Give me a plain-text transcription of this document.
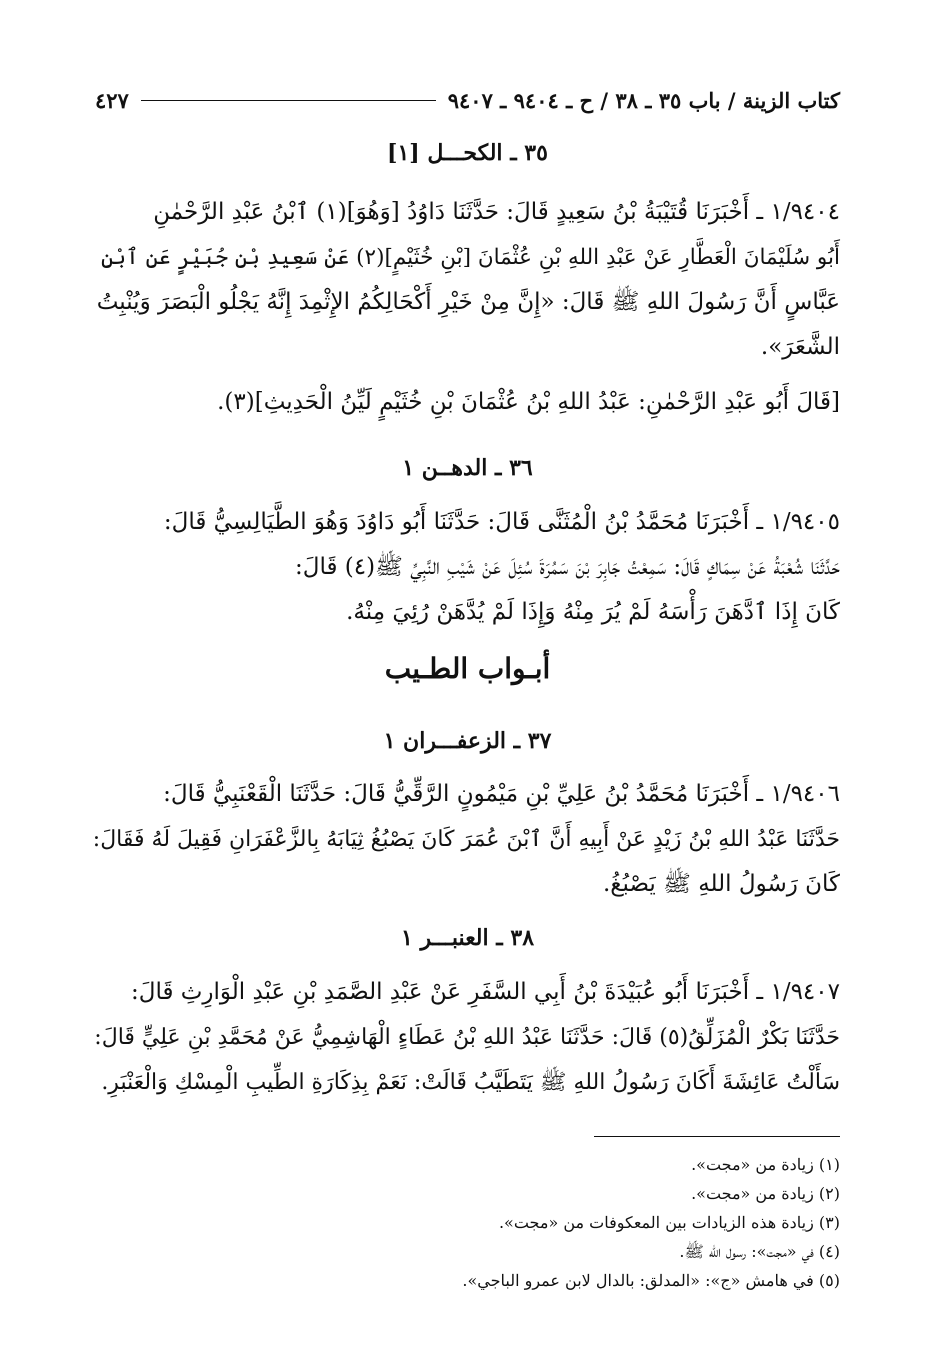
كتاب الزينة / باب ٣٥ ـ ٣٨ / ح ـ ٩٤٠٤ ـ ٩٤٠٧
٤٢٧
٣٥ ـ الكحـــل [١]
١/٩٤٠٤ ـ أَخْبَرَنَا قُتَيْبَةُ بْنُ سَعِيدٍ قَالَ: حَدَّثَنَا دَاوُدُ [وَهُوَ](١) ٱبْنُ عَبْدِ الرَّحْمٰنِ
أَبُو سُلَيْمَانَ الْعَطَّارِ عَنْ عَبْدِ اللهِ بْنِ عُثْمَانَ [بْنِ خُثَيْمٍ](٢) عَنْ سَعِيدِ بْنِ جُبَيْرٍ عَنِ ٱبْنِ
عَبَّاسٍ أَنَّ رَسُولَ اللهِ ﷺ قَالَ: «إِنَّ مِنْ خَيْرِ أَكْحَالِكُمُ الإِثْمِدَ إِنَّهُ يَجْلُو الْبَصَرَ وَيُنْبِتُ
الشَّعَرَ».
[قَالَ أَبُو عَبْدِ الرَّحْمٰنِ: عَبْدُ اللهِ بْنُ عُثْمَانَ بْنِ خُثَيْمٍ لَيِّنُ الْحَدِيثِ](٣).
٣٦ ـ الدهــن ١
١/٩٤٠٥ ـ أَخْبَرَنَا مُحَمَّدُ بْنُ الْمُثَنَّى قَالَ: حَدَّثَنَا أَبُو دَاوُدَ وَهُوَ الطَّيَالِسِيُّ قَالَ:
حَدَّثَنَا شُعْبَةُ عَنْ سِمَاكٍ قَالَ: سَمِعْتُ جَابِرَ بْنَ سَمُرَةَ سُئِلَ عَنْ شَيْبِ النَّبِيِّ ﷺ(٤) قَالَ:
كَانَ إِذَا ٱدَّهَنَ رَأْسَهُ لَمْ يُرَ مِنْهُ وَإِذَا لَمْ يُدَّهَنْ رُئِيَ مِنْهُ.
أبـواب الطـيب
٣٧ ـ الزعفـــران ١
١/٩٤٠٦ ـ أَخْبَرَنَا مُحَمَّدُ بْنُ عَلِيِّ بْنِ مَيْمُونٍ الرَّقِّيُّ قَالَ: حَدَّثَنَا الْقَعْنَبِيُّ قَالَ:
حَدَّثَنَا عَبْدُ اللهِ بْنُ زَيْدٍ عَنْ أَبِيهِ أَنَّ ٱبْنَ عُمَرَ كَانَ يَصْبُغُ ثِيَابَهُ بِالزَّعْفَرَانِ فَقِيلَ لَهُ فَقَالَ:
كَانَ رَسُولُ اللهِ ﷺ يَصْبُغُ.
٣٨ ـ العنبـــر ١
١/٩٤٠٧ ـ أَخْبَرَنَا أَبُو عُبَيْدَةَ بْنُ أَبِي السَّفَرِ عَنْ عَبْدِ الصَّمَدِ بْنِ عَبْدِ الْوَارِثِ قَالَ:
حَدَّثَنَا بَكْرٌ الْمُزَلِّقُ(٥) قَالَ: حَدَّثَنَا عَبْدُ اللهِ بْنُ عَطَاءٍ الْهَاشِمِيُّ عَنْ مُحَمَّدِ بْنِ عَلِيٍّ قَالَ:
سَأَلْتُ عَائِشَةَ أَكَانَ رَسُولُ اللهِ ﷺ يَتَطَيَّبُ قَالَتْ: نَعَمْ بِذِكَارَةِ الطِّيبِ الْمِسْكِ وَالْعَنْبَرِ.
(١) زيادة من «مجت».
(٢) زيادة من «مجت».
(٣) زيادة هذه الزيادات بين المعكوفات من «مجت».
(٤) في «مجت»: رسول الله ﷺ.
(٥) في هامش «ج»: «المدلق: بالدال لابن عمرو الباجي».
